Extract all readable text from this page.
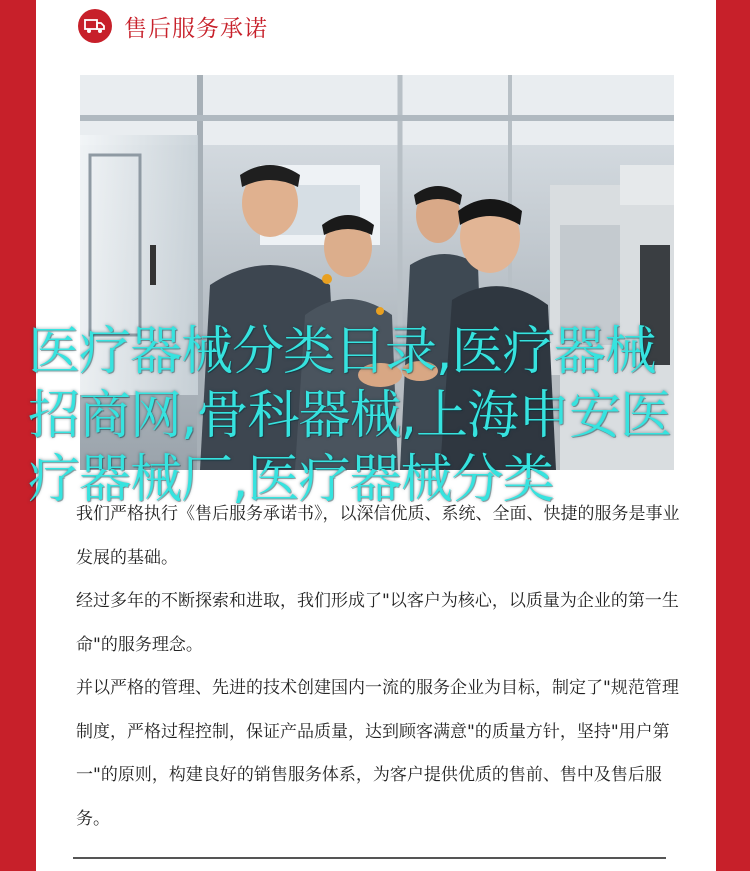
售后服务承诺
医疗器械分类目录,医疗器械招商网,骨科器械,上海申安医疗器械厂,医疗器械分类

我们严格执行《售后服务承诺书》，以深信优质、系统、全面、快捷的服务是事业发展的基础。

经过多年的不断探索和进取，我们形成了"以客户为核心，以质量为企业的第一生命"的服务理念。

并以严格的管理、先进的技术创建国内一流的服务企业为目标，制定了"规范管理制度，严格过程控制，保证产品质量，达到顾客满意"的质量方针，坚持"用户第一"的原则，构建良好的销售服务体系，为客户提供优质的售前、售中及售后服务。
